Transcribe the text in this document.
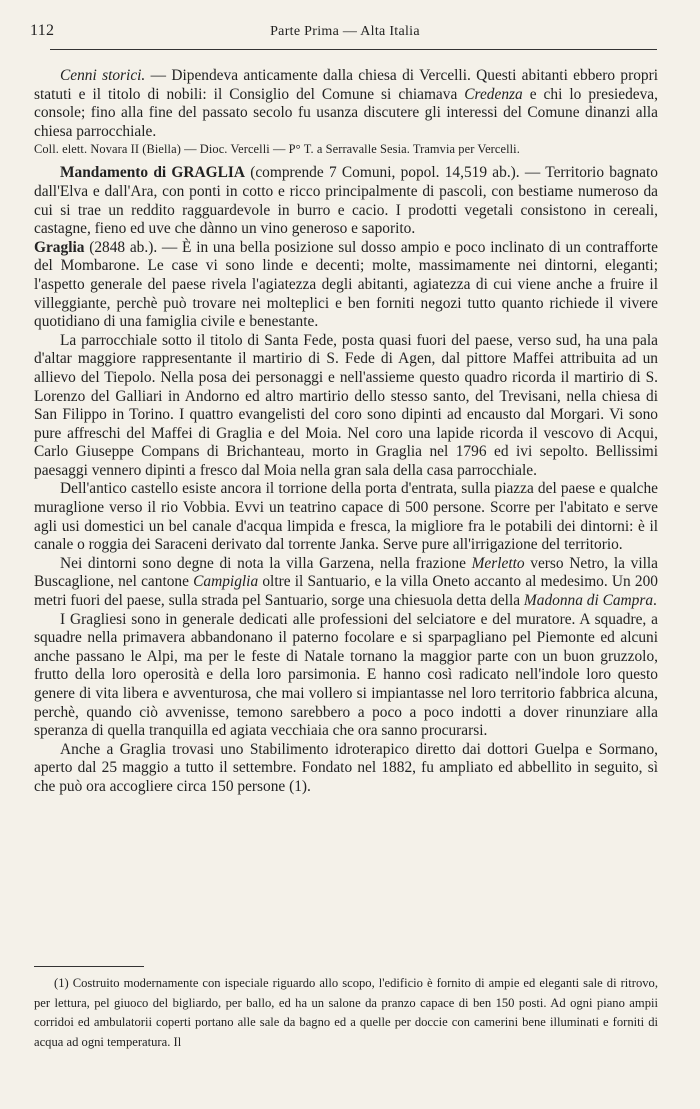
112	Parte Prima — Alta Italia

Cenni storici. — Dipendeva anticamente dalla chiesa di Vercelli. Questi abitanti ebbero propri statuti e il titolo di nobili: il Consiglio del Comune si chiamava Credenza e chi lo presiedeva, console; fino alla fine del passato secolo fu usanza discutere gli interessi del Comune dinanzi alla chiesa parrocchiale.

Coll. elett. Novara II (Biella) — Dioc. Vercelli — P° T. a Serravalle Sesia. Tramvia per Vercelli.

Mandamento di GRAGLIA (comprende 7 Comuni, popol. 14,519 ab.). — Territorio bagnato dall'Elva e dall'Ara, con ponti in cotto e ricco principalmente di pascoli, con bestiame numeroso da cui si trae un reddito ragguardevole in burro e cacio. I prodotti vegetali consistono in cereali, castagne, fieno ed uve che dànno un vino generoso e saporito.

Graglia (2848 ab.). — È in una bella posizione sul dosso ampio e poco inclinato di un contrafforte del Mombarone. Le case vi sono linde e decenti; molte, massimamente nei dintorni, eleganti; l'aspetto generale del paese rivela l'agiatezza degli abitanti, agiatezza di cui viene anche a fruire il villeggiante, perchè può trovare nei molteplici e ben forniti negozi tutto quanto richiede il vivere quotidiano di una famiglia civile e benestante.

La parrocchiale sotto il titolo di Santa Fede, posta quasi fuori del paese, verso sud, ha una pala d'altar maggiore rappresentante il martirio di S. Fede di Agen, dal pittore Maffei attribuita ad un allievo del Tiepolo. Nella posa dei personaggi e nell'assieme questo quadro ricorda il martirio di S. Lorenzo del Galliari in Andorno ed altro martirio dello stesso santo, del Trevisani, nella chiesa di San Filippo in Torino. I quattro evangelisti del coro sono dipinti ad encausto dal Morgari. Vi sono pure affreschi del Maffei di Graglia e del Moia. Nel coro una lapide ricorda il vescovo di Acqui, Carlo Giuseppe Compans di Brichanteau, morto in Graglia nel 1796 ed ivi sepolto. Bellissimi paesaggi vennero dipinti a fresco dal Moia nella gran sala della casa parrocchiale.

Dell'antico castello esiste ancora il torrione della porta d'entrata, sulla piazza del paese e qualche muraglione verso il rio Vobbia. Evvi un teatrino capace di 500 persone. Scorre per l'abitato e serve agli usi domestici un bel canale d'acqua limpida e fresca, la migliore fra le potabili dei dintorni: è il canale o roggia dei Saraceni derivato dal torrente Janka. Serve pure all'irrigazione del territorio.

Nei dintorni sono degne di nota la villa Garzena, nella frazione Merletto verso Netro, la villa Buscaglione, nel cantone Campiglia oltre il Santuario, e la villa Oneto accanto al medesimo. Un 200 metri fuori del paese, sulla strada pel Santuario, sorge una chiesuola detta della Madonna di Campra.

I Gragliesi sono in generale dedicati alle professioni del selciatore e del muratore. A squadre, a squadre nella primavera abbandonano il paterno focolare e si sparpagliano pel Piemonte ed alcuni anche passano le Alpi, ma per le feste di Natale tornano la maggior parte con un buon gruzzolo, frutto della loro operosità e della loro parsimonia. E hanno così radicato nell'indole loro questo genere di vita libera e avventurosa, che mai vollero si impiantasse nel loro territorio fabbrica alcuna, perchè, quando ciò avvenisse, temono sarebbero a poco a poco indotti a dover rinunziare alla speranza di quella tranquilla ed agiata vecchiaia che ora sanno procurarsi.

Anche a Graglia trovasi uno Stabilimento idroterapico diretto dai dottori Guelpa e Sormano, aperto dal 25 maggio a tutto il settembre. Fondato nel 1882, fu ampliato ed abbellito in seguito, sì che può ora accogliere circa 150 persone (1).

(1) Costruito modernamente con ispeciale riguardo allo scopo, l'edificio è fornito di ampie ed eleganti sale di ritrovo, per lettura, pel giuoco del bigliardo, per ballo, ed ha un salone da pranzo capace di ben 150 posti. Ad ogni piano ampii corridoi ed ambulatorii coperti portano alle sale da bagno ed a quelle per doccie con camerini bene illuminati e forniti di acqua ad ogni temperatura. Il
